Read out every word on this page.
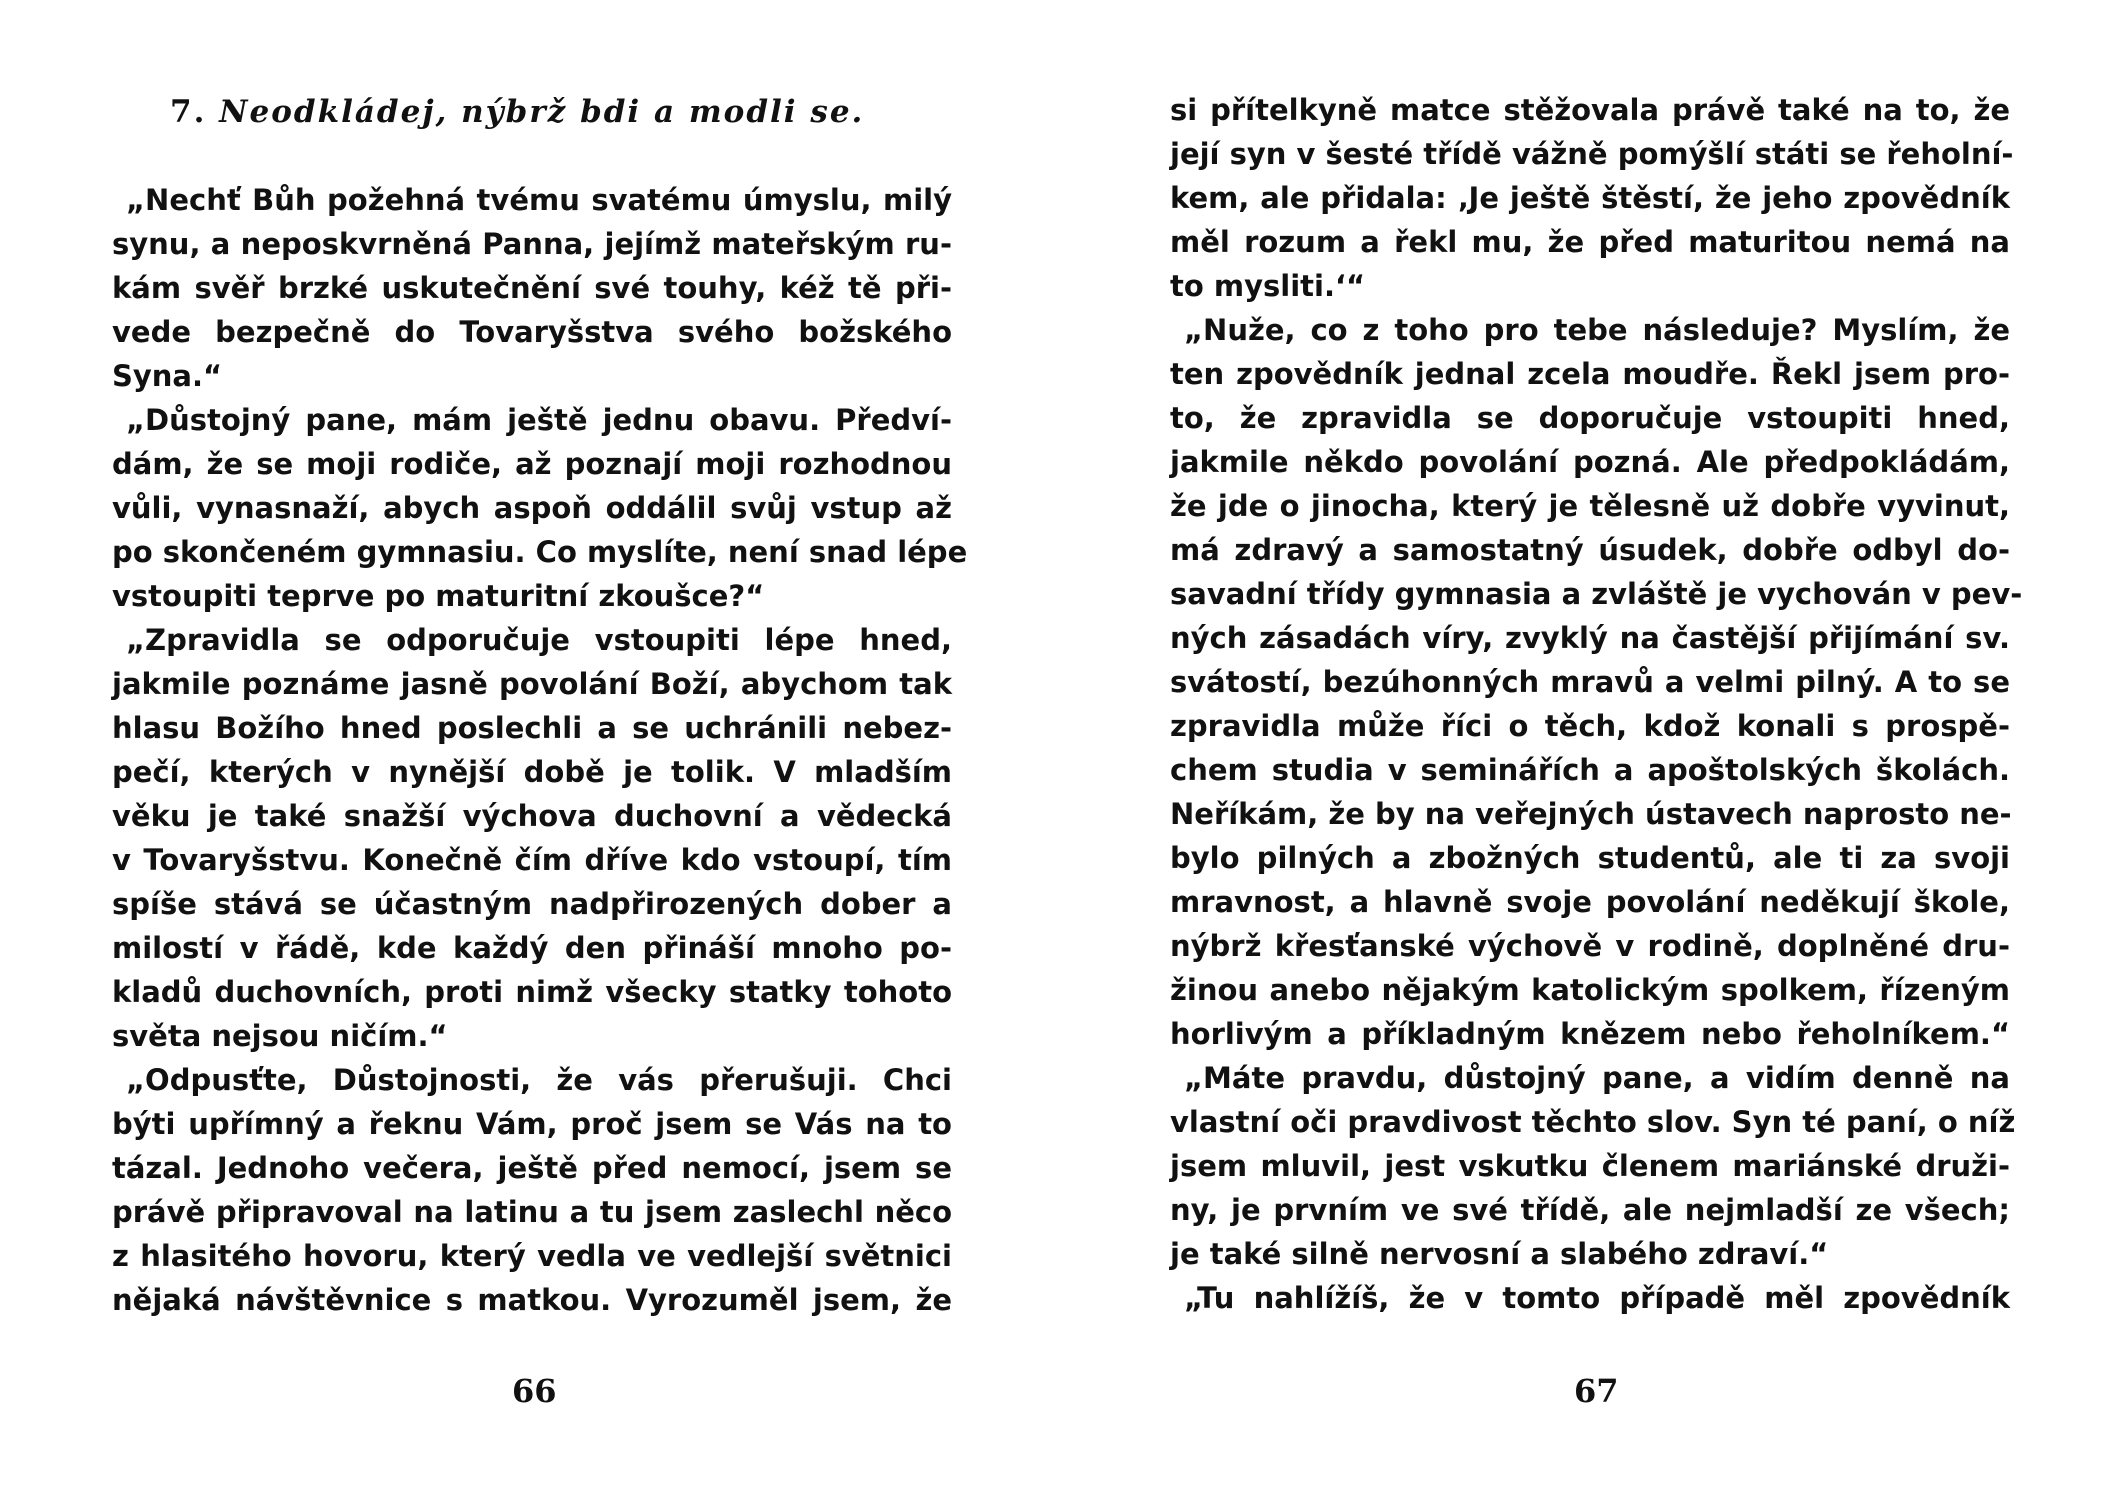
7. Neodkládej, nýbrž bdi a modli se.
„Nechť Bůh požehná tvému svatému úmyslu, milý
synu, a neposkvrněná Panna, jejímž mateřským ru-
kám svěř brzké uskutečnění své touhy, kéž tě při-
vede bezpečně do Tovaryšstva svého božského
Syna.“
„Důstojný pane, mám ještě jednu obavu. Předví-
dám, že se moji rodiče, až poznají moji rozhodnou
vůli, vynasnaží, abych aspoň oddálil svůj vstup až
po skončeném gymnasiu. Co myslíte, není snad lépe
vstoupiti teprve po maturitní zkoušce?“
„Zpravidla se odporučuje vstoupiti lépe hned,
jakmile poznáme jasně povolání Boží, abychom tak
hlasu Božího hned poslechli a se uchránili nebez-
pečí, kterých v nynější době je tolik. V mladším
věku je také snažší výchova duchovní a vědecká
v Tovaryšstvu. Konečně čím dříve kdo vstoupí, tím
spíše stává se účastným nadpřirozených dober a
milostí v řádě, kde každý den přináší mnoho po-
kladů duchovních, proti nimž všecky statky tohoto
světa nejsou ničím.“
„Odpusťte, Důstojnosti, že vás přerušuji. Chci
býti upřímný a řeknu Vám, proč jsem se Vás na to
tázal. Jednoho večera, ještě před nemocí, jsem se
právě připravoval na latinu a tu jsem zaslechl něco
z hlasitého hovoru, který vedla ve vedlejší světnici
nějaká návštěvnice s matkou. Vyrozuměl jsem, že

66

si přítelkyně matce stěžovala právě také na to, že
její syn v šesté třídě vážně pomýšlí státi se řeholní-
kem, ale přidala: ‚Je ještě štěstí, že jeho zpovědník
měl rozum a řekl mu, že před maturitou nemá na
to mysliti.‘“
„Nuže, co z toho pro tebe následuje? Myslím, že
ten zpovědník jednal zcela moudře. Řekl jsem pro-
to, že zpravidla se doporučuje vstoupiti hned,
jakmile někdo povolání pozná. Ale předpokládám,
že jde o jinocha, který je tělesně už dobře vyvinut,
má zdravý a samostatný úsudek, dobře odbyl do-
savadní třídy gymnasia a zvláště je vychován v pev-
ných zásadách víry, zvyklý na častější přijímání sv.
svátostí, bezúhonných mravů a velmi pilný. A to se
zpravidla může říci o těch, kdož konali s prospě-
chem studia v seminářích a apoštolských školách.
Neříkám, že by na veřejných ústavech naprosto ne-
bylo pilných a zbožných studentů, ale ti za svoji
mravnost, a hlavně svoje povolání neděkují škole,
nýbrž křesťanské výchově v rodině, doplněné dru-
žinou anebo nějakým katolickým spolkem, řízeným
horlivým a příkladným knězem nebo řeholníkem.“
„Máte pravdu, důstojný pane, a vidím denně na
vlastní oči pravdivost těchto slov. Syn té paní, o níž
jsem mluvil, jest vskutku členem mariánské druži-
ny, je prvním ve své třídě, ale nejmladší ze všech;
je také silně nervosní a slabého zdraví.“
„Tu nahlížíš, že v tomto případě měl zpovědník

67
